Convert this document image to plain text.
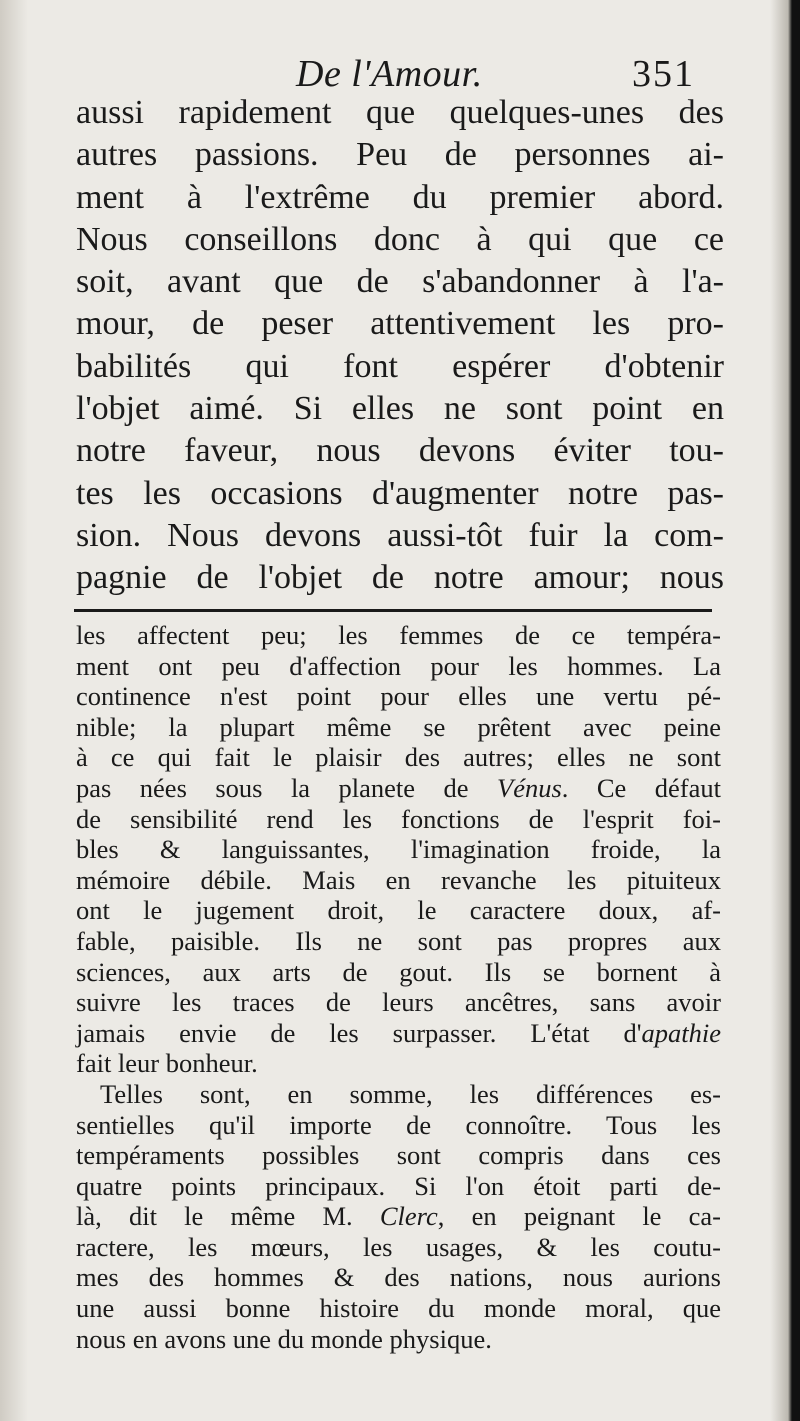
De l'Amour.	351
aussi rapidement que quelques-unes des
autres passions. Peu de personnes ai-
ment à l'extrême du premier abord.
Nous conseillons donc à qui que ce
soit, avant que de s'abandonner à l'a-
mour, de peser attentivement les pro-
babilités qui font espérer d'obtenir
l'objet aimé. Si elles ne sont point en
notre faveur, nous devons éviter tou-
tes les occasions d'augmenter notre pas-
sion. Nous devons aussi-tôt fuir la com-
pagnie de l'objet de notre amour; nous
les affectent peu; les femmes de ce tempéra-
ment ont peu d'affection pour les hommes. La
continence n'est point pour elles une vertu pé-
nible; la plupart même se prêtent avec peine
à ce qui fait le plaisir des autres; elles ne sont
pas nées sous la planete de Vénus. Ce défaut
de sensibilité rend les fonctions de l'esprit foi-
bles & languissantes, l'imagination froide, la
mémoire débile. Mais en revanche les pituiteux
ont le jugement droit, le caractere doux, af-
fable, paisible. Ils ne sont pas propres aux
sciences, aux arts de gout. Ils se bornent à
suivre les traces de leurs ancêtres, sans avoir
jamais envie de les surpasser. L'état d'apathie
fait leur bonheur.
Telles sont, en somme, les différences es-
sentielles qu'il importe de connoître. Tous les
tempéraments possibles sont compris dans ces
quatre points principaux. Si l'on étoit parti de-
là, dit le même M. Clerc, en peignant le ca-
ractere, les mœurs, les usages, & les coutu-
mes des hommes & des nations, nous aurions
une aussi bonne histoire du monde moral, que
nous en avons une du monde physique.
